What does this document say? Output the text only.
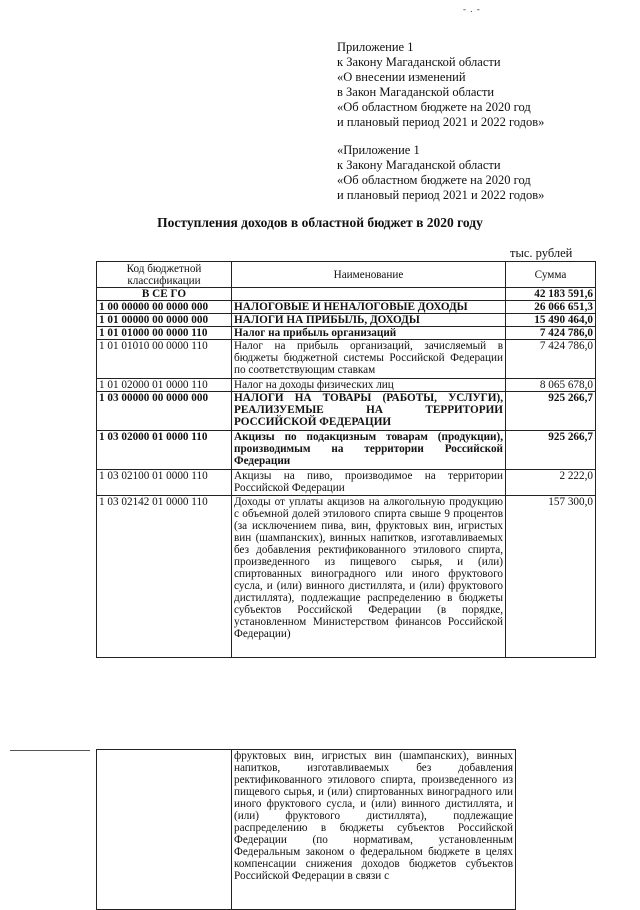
- . -
Приложение 1
к Закону Магаданской области
«О внесении изменений
в Закон Магаданской области
«Об областном бюджете на 2020 год
и плановый период 2021 и 2022 годов»
«Приложение 1
к Закону Магаданской области
«Об областном бюджете на 2020 год
и плановый период 2021 и 2022 годов»
Поступления доходов в областной бюджет в 2020 году
тыс. рублей
Код бюджетной классификации	Наименование	Сумма
В СЕ ГО		42 183 591,6
1 00 00000 00 0000 000	НАЛОГОВЫЕ И НЕНАЛОГОВЫЕ ДОХОДЫ	26 066 651,3
1 01 00000 00 0000 000	НАЛОГИ НА ПРИБЫЛЬ, ДОХОДЫ	15 490 464,0
1 01 01000 00 0000 110	Налог на прибыль организаций	7 424 786,0
1 01 01010 00 0000 110	Налог на прибыль организаций, зачисляемый в бюджеты бюджетной системы Российской Федерации по соответствующим ставкам	7 424 786,0
1 01 02000 01 0000 110	Налог на доходы физических лиц	8 065 678,0
1 03 00000 00 0000 000	НАЛОГИ НА ТОВАРЫ (РАБОТЫ, УСЛУГИ), РЕАЛИЗУЕМЫЕ НА ТЕРРИТОРИИ РОССИЙСКОЙ ФЕДЕРАЦИИ	925 266,7
1 03 02000 01 0000 110	Акцизы по подакцизным товарам (продукции), производимым на территории Российской Федерации	925 266,7
1 03 02100 01 0000 110	Акцизы на пиво, производимое на территории Российской Федерации	2 222,0
1 03 02142 01 0000 110	Доходы от уплаты акцизов на алкогольную продукцию с объемной долей этилового спирта свыше 9 процентов (за исключением пива, вин, фруктовых вин, игристых вин (шампанских), винных напитков, изготавливаемых без добавления ректификованного этилового спирта, произведенного из пищевого сырья, и (или) спиртованных виноградного или иного фруктового сусла, и (или) винного дистиллята, и (или) фруктового дистиллята), подлежащие распределению в бюджеты субъектов Российской Федерации (в порядке, установленном Министерством финансов Российской Федерации)	157 300,0
	фруктовых вин, игристых вин (шампанских), винных напитков, изготавливаемых без добавления ректификованного этилового спирта, произведенного из пищевого сырья, и (или) спиртованных виноградного или иного фруктового сусла, и (или) винного дистиллята, и (или) фруктового дистиллята), подлежащие распределению в бюджеты субъектов Российской Федерации (по нормативам, установленным Федеральным законом о федеральном бюджете в целях компенсации снижения доходов бюджетов субъектов Российской Федерации в связи с
